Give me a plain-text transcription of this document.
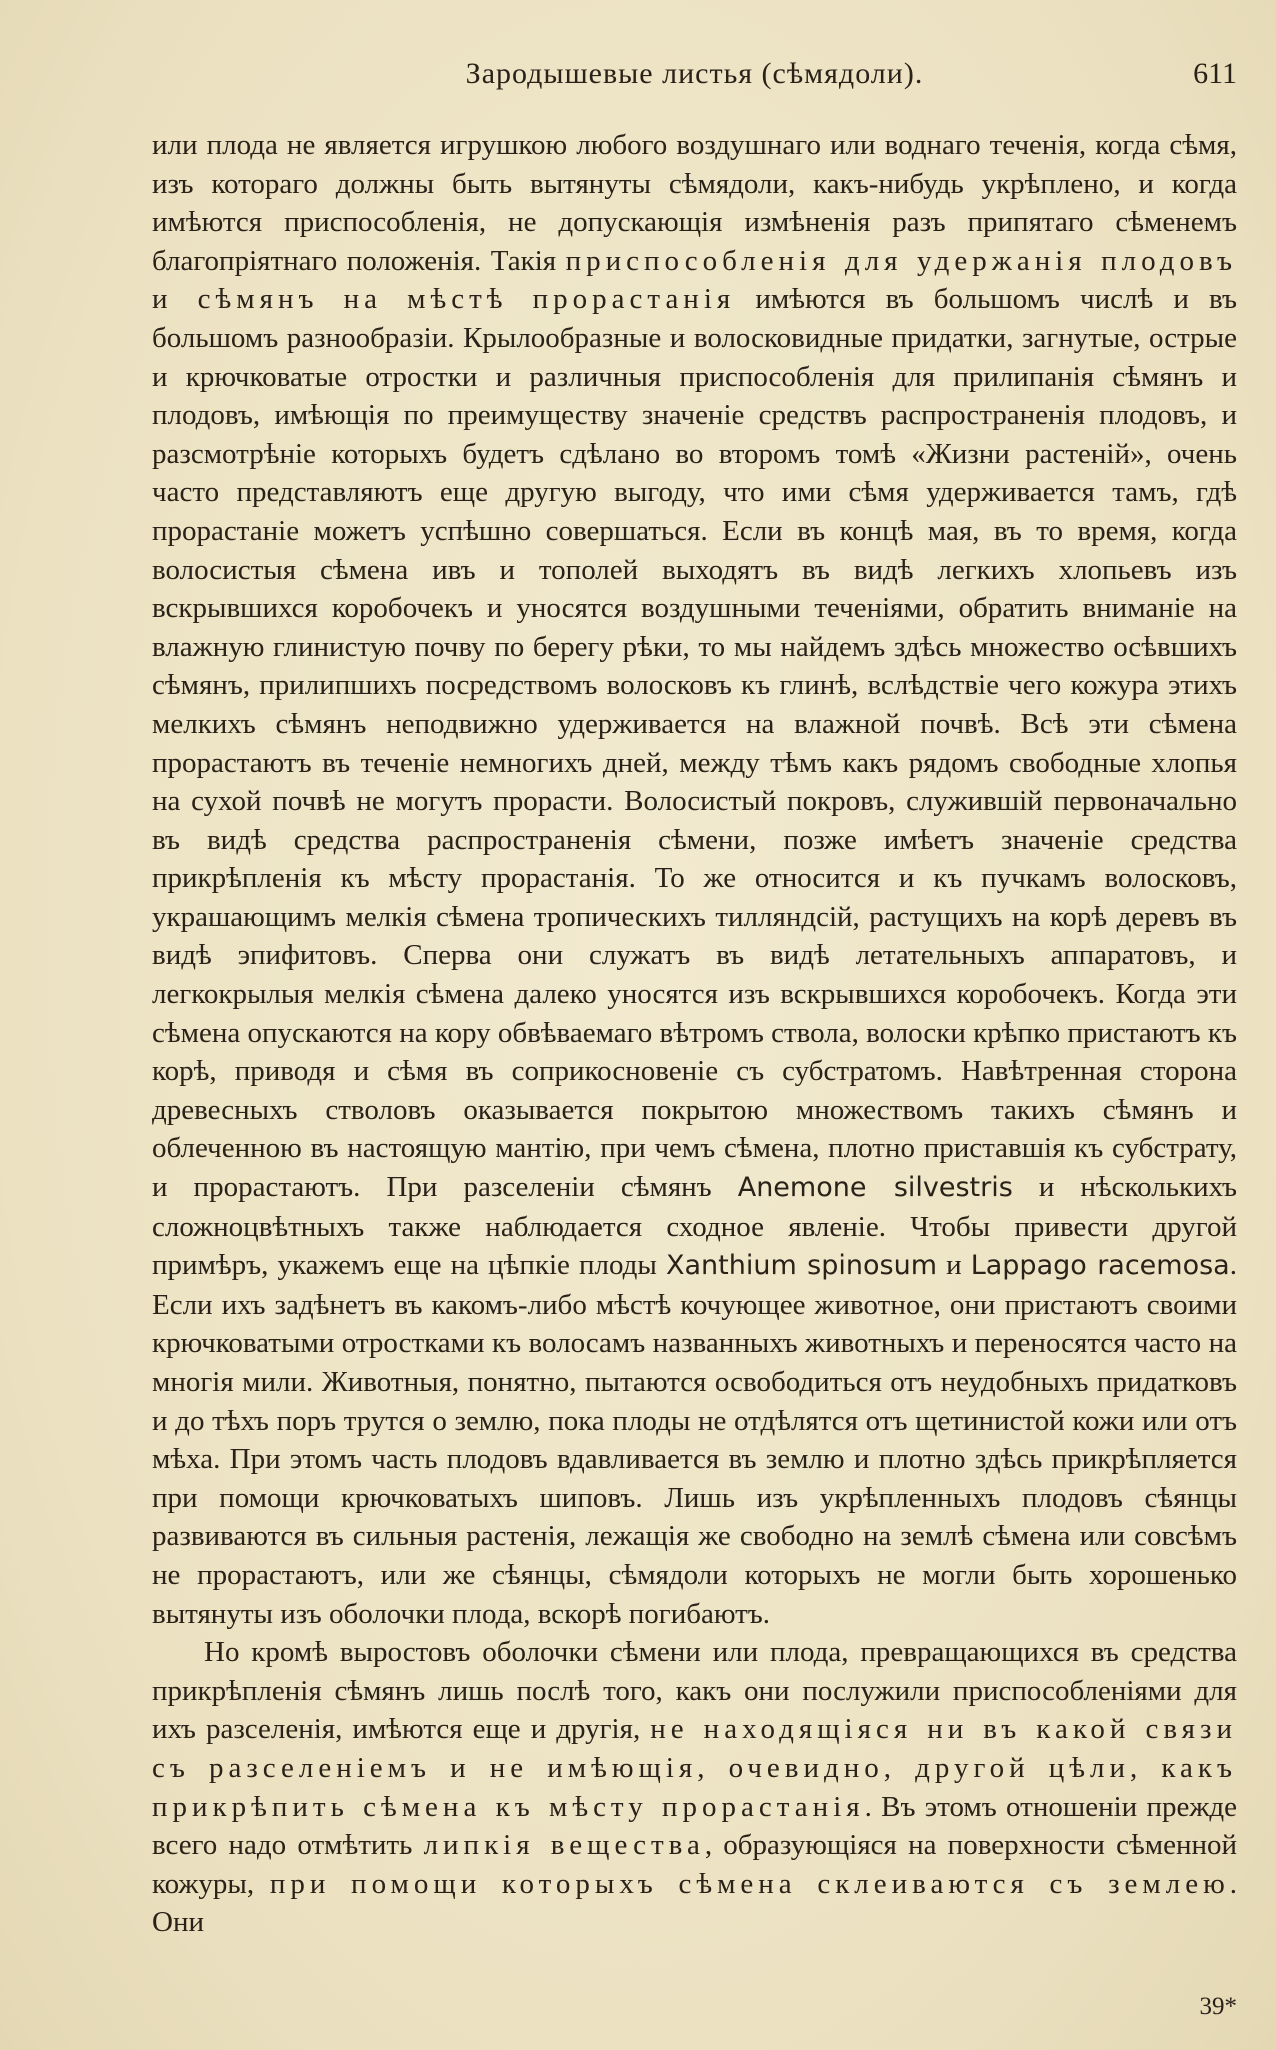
Зародышевые листья (сѣмядоли).	611

или плода не является игрушкою любого воздушнаго или воднаго теченія, когда сѣмя, изъ котораго должны быть вытянуты сѣмядоли, какъ-нибудь укрѣплено, и когда имѣются приспособленія, не допускающія измѣненія разъ припятаго сѣменемъ благопріятнаго положенія. Такія приспособленія для удержанія плодовъ и сѣмянъ на мѣстѣ прорастанія имѣются въ большомъ числѣ и въ большомъ разнообразіи. Крылообразные и волосковидные придатки, загнутые, острые и крючковатые отростки и различныя приспособленія для прилипанія сѣмянъ и плодовъ, имѣющія по преимуществу значеніе средствъ распространенія плодовъ, и разсмотрѣніе которыхъ будетъ сдѣлано во второмъ томѣ «Жизни растеній», очень часто представляютъ еще другую выгоду, что ими сѣмя удерживается тамъ, гдѣ прорастаніе можетъ успѣшно совершаться. Если въ концѣ мая, въ то время, когда волосистыя сѣмена ивъ и тополей выходятъ въ видѣ легкихъ хлопьевъ изъ вскрывшихся коробочекъ и уносятся воздушными теченіями, обратить вниманіе на влажную глинистую почву по берегу рѣки, то мы найдемъ здѣсь множество осѣвшихъ сѣмянъ, прилипшихъ посредствомъ волосковъ къ глинѣ, вслѣдствіе чего кожура этихъ мелкихъ сѣмянъ неподвижно удерживается на влажной почвѣ. Всѣ эти сѣмена прорастаютъ въ теченіе немногихъ дней, между тѣмъ какъ рядомъ свободные хлопья на сухой почвѣ не могутъ прорасти. Волосистый покровъ, служившій первоначально въ видѣ средства распространенія сѣмени, позже имѣетъ значеніе средства прикрѣпленія къ мѣсту прорастанія. То же относится и къ пучкамъ волосковъ, украшающимъ мелкія сѣмена тропическихъ тилляндсій, растущихъ на корѣ деревъ въ видѣ эпифитовъ. Сперва они служатъ въ видѣ летательныхъ аппаратовъ, и легкокрылыя мелкія сѣмена далеко уносятся изъ вскрывшихся коробочекъ. Когда эти сѣмена опускаются на кору обвѣваемаго вѣтромъ ствола, волоски крѣпко пристаютъ къ корѣ, приводя и сѣмя въ соприкосновеніе съ субстратомъ. Навѣтренная сторона древесныхъ стволовъ оказывается покрытою множествомъ такихъ сѣмянъ и облеченною въ настоящую мантію, при чемъ сѣмена, плотно приставшія къ субстрату, и прорастаютъ. При разселеніи сѣмянъ Anemone silvestris и нѣсколькихъ сложноцвѣтныхъ также наблюдается сходное явленіе. Чтобы привести другой примѣръ, укажемъ еще на цѣпкіе плоды Xanthium spinosum и Lappago racemosa. Если ихъ задѣнетъ въ какомъ-либо мѣстѣ кочующее животное, они пристаютъ своими крючковатыми отростками къ волосамъ названныхъ животныхъ и переносятся часто на многія мили. Животныя, понятно, пытаются освободиться отъ неудобныхъ придатковъ и до тѣхъ поръ трутся о землю, пока плоды не отдѣлятся отъ щетинистой кожи или отъ мѣха. При этомъ часть плодовъ вдавливается въ землю и плотно здѣсь прикрѣпляется при помощи крючковатыхъ шиповъ. Лишь изъ укрѣпленныхъ плодовъ сѣянцы развиваются въ сильныя растенія, лежащія же свободно на землѣ сѣмена или совсѣмъ не прорастаютъ, или же сѣянцы, сѣмядоли которыхъ не могли быть хорошенько вытянуты изъ оболочки плода, вскорѣ погибаютъ.

Но кромѣ выростовъ оболочки сѣмени или плода, превращающихся въ средства прикрѣпленія сѣмянъ лишь послѣ того, какъ они послужили приспособленіями для ихъ разселенія, имѣются еще и другія, не находящіяся ни въ какой связи съ разселеніемъ и не имѣющія, очевидно, другой цѣли, какъ прикрѣпить сѣмена къ мѣсту прорастанія. Въ этомъ отношеніи прежде всего надо отмѣтить липкія вещества, образующіяся на поверхности сѣменной кожуры, при помощи которыхъ сѣмена склеиваются съ землею. Они

39*
